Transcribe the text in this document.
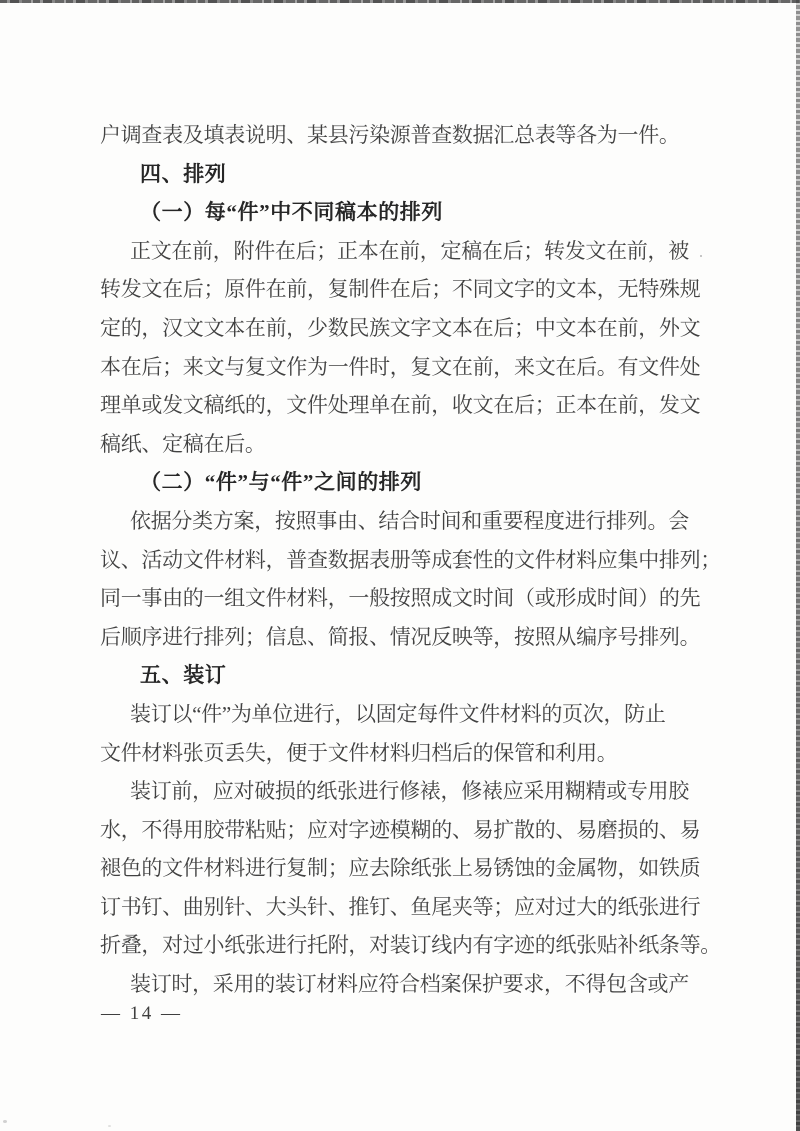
户调查表及填表说明、某县污染源普查数据汇总表等各为一件。
四、排列
（一）每“件”中不同稿本的排列
正文在前，附件在后；正本在前，定稿在后；转发文在前，被
转发文在后；原件在前，复制件在后；不同文字的文本，无特殊规
定的，汉文文本在前，少数民族文字文本在后；中文本在前，外文
本在后；来文与复文作为一件时，复文在前，来文在后。有文件处
理单或发文稿纸的，文件处理单在前，收文在后；正本在前，发文
稿纸、定稿在后。
（二）“件”与“件”之间的排列
依据分类方案，按照事由、结合时间和重要程度进行排列。会
议、活动文件材料，普查数据表册等成套性的文件材料应集中排列；
同一事由的一组文件材料，一般按照成文时间（或形成时间）的先
后顺序进行排列；信息、简报、情况反映等，按照从编序号排列。
五、装订
装订以“件”为单位进行，以固定每件文件材料的页次，防止
文件材料张页丢失，便于文件材料归档后的保管和利用。
装订前，应对破损的纸张进行修裱，修裱应采用糊精或专用胶
水，不得用胶带粘贴；应对字迹模糊的、易扩散的、易磨损的、易
褪色的文件材料进行复制；应去除纸张上易锈蚀的金属物，如铁质
订书钉、曲别针、大头针、推钉、鱼尾夹等；应对过大的纸张进行
折叠，对过小纸张进行托附，对装订线内有字迹的纸张贴补纸条等。
装订时，采用的装订材料应符合档案保护要求，不得包含或产
— 14 —
